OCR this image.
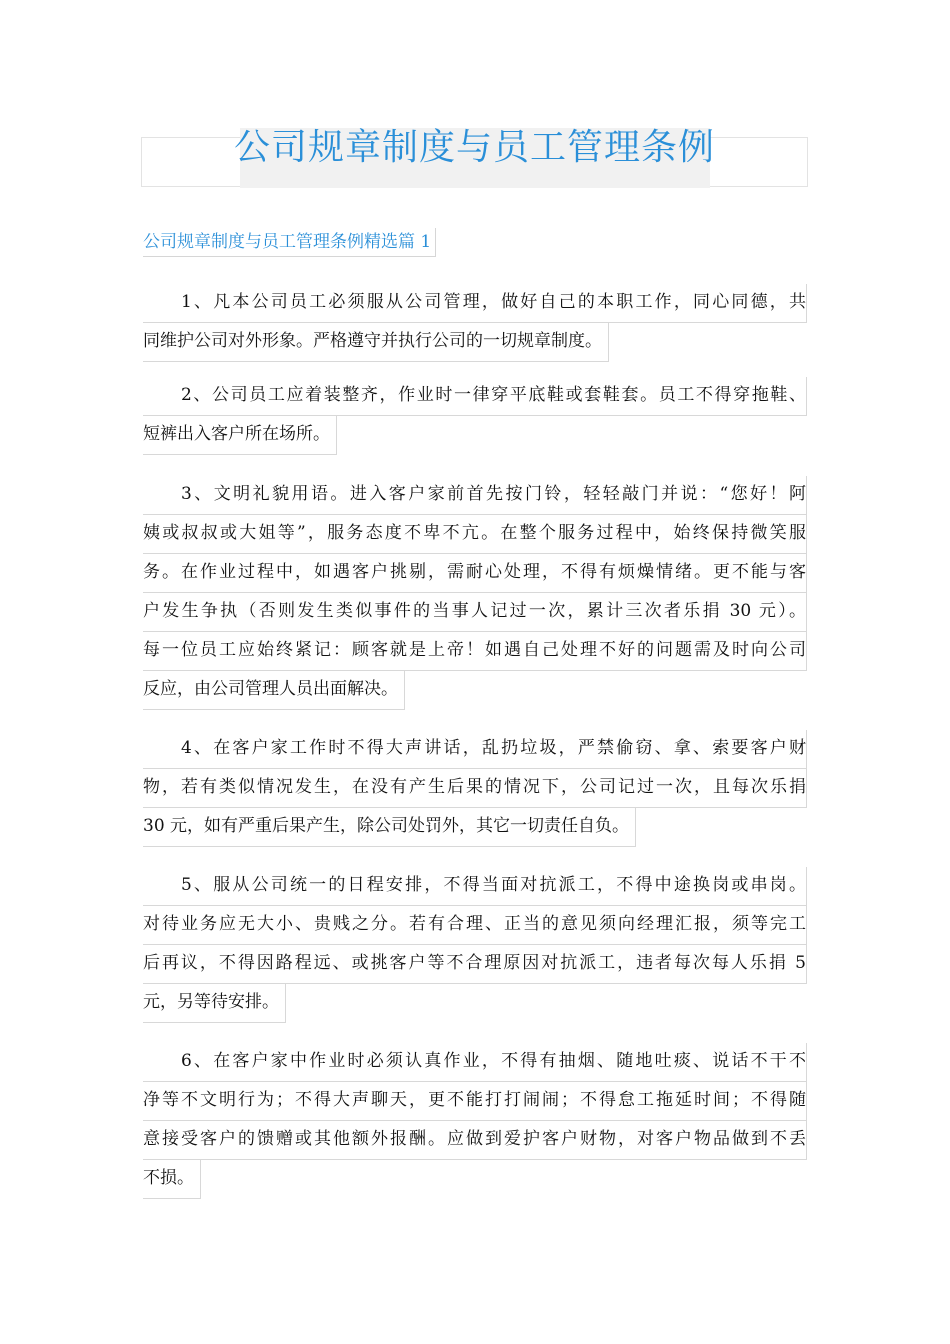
公司规章制度与员工管理条例
公司规章制度与员工管理条例精选篇 1
1、凡本公司员工必须服从公司管理，做好自己的本职工作，同心同德，共
同维护公司对外形象。严格遵守并执行公司的一切规章制度。
2、公司员工应着装整齐，作业时一律穿平底鞋或套鞋套。员工不得穿拖鞋、
短裤出入客户所在场所。
3、文明礼貌用语。进入客户家前首先按门铃，轻轻敲门并说：“您好！阿
姨或叔叔或大姐等”，服务态度不卑不亢。在整个服务过程中，始终保持微笑服
务。在作业过程中，如遇客户挑剔，需耐心处理，不得有烦燥情绪。更不能与客
户发生争执（否则发生类似事件的当事人记过一次，累计三次者乐捐 30 元）。
每一位员工应始终紧记：顾客就是上帝！如遇自己处理不好的问题需及时向公司
反应，由公司管理人员出面解决。
4、在客户家工作时不得大声讲话，乱扔垃圾，严禁偷窃、拿、索要客户财
物，若有类似情况发生，在没有产生后果的情况下，公司记过一次，且每次乐捐
30 元，如有严重后果产生，除公司处罚外，其它一切责任自负。
5、服从公司统一的日程安排，不得当面对抗派工，不得中途换岗或串岗。
对待业务应无大小、贵贱之分。若有合理、正当的意见须向经理汇报，须等完工
后再议，不得因路程远、或挑客户等不合理原因对抗派工，违者每次每人乐捐 5
元，另等待安排。
6、在客户家中作业时必须认真作业，不得有抽烟、随地吐痰、说话不干不
净等不文明行为；不得大声聊天，更不能打打闹闹；不得怠工拖延时间；不得随
意接受客户的馈赠或其他额外报酬。应做到爱护客户财物，对客户物品做到不丢
不损。
